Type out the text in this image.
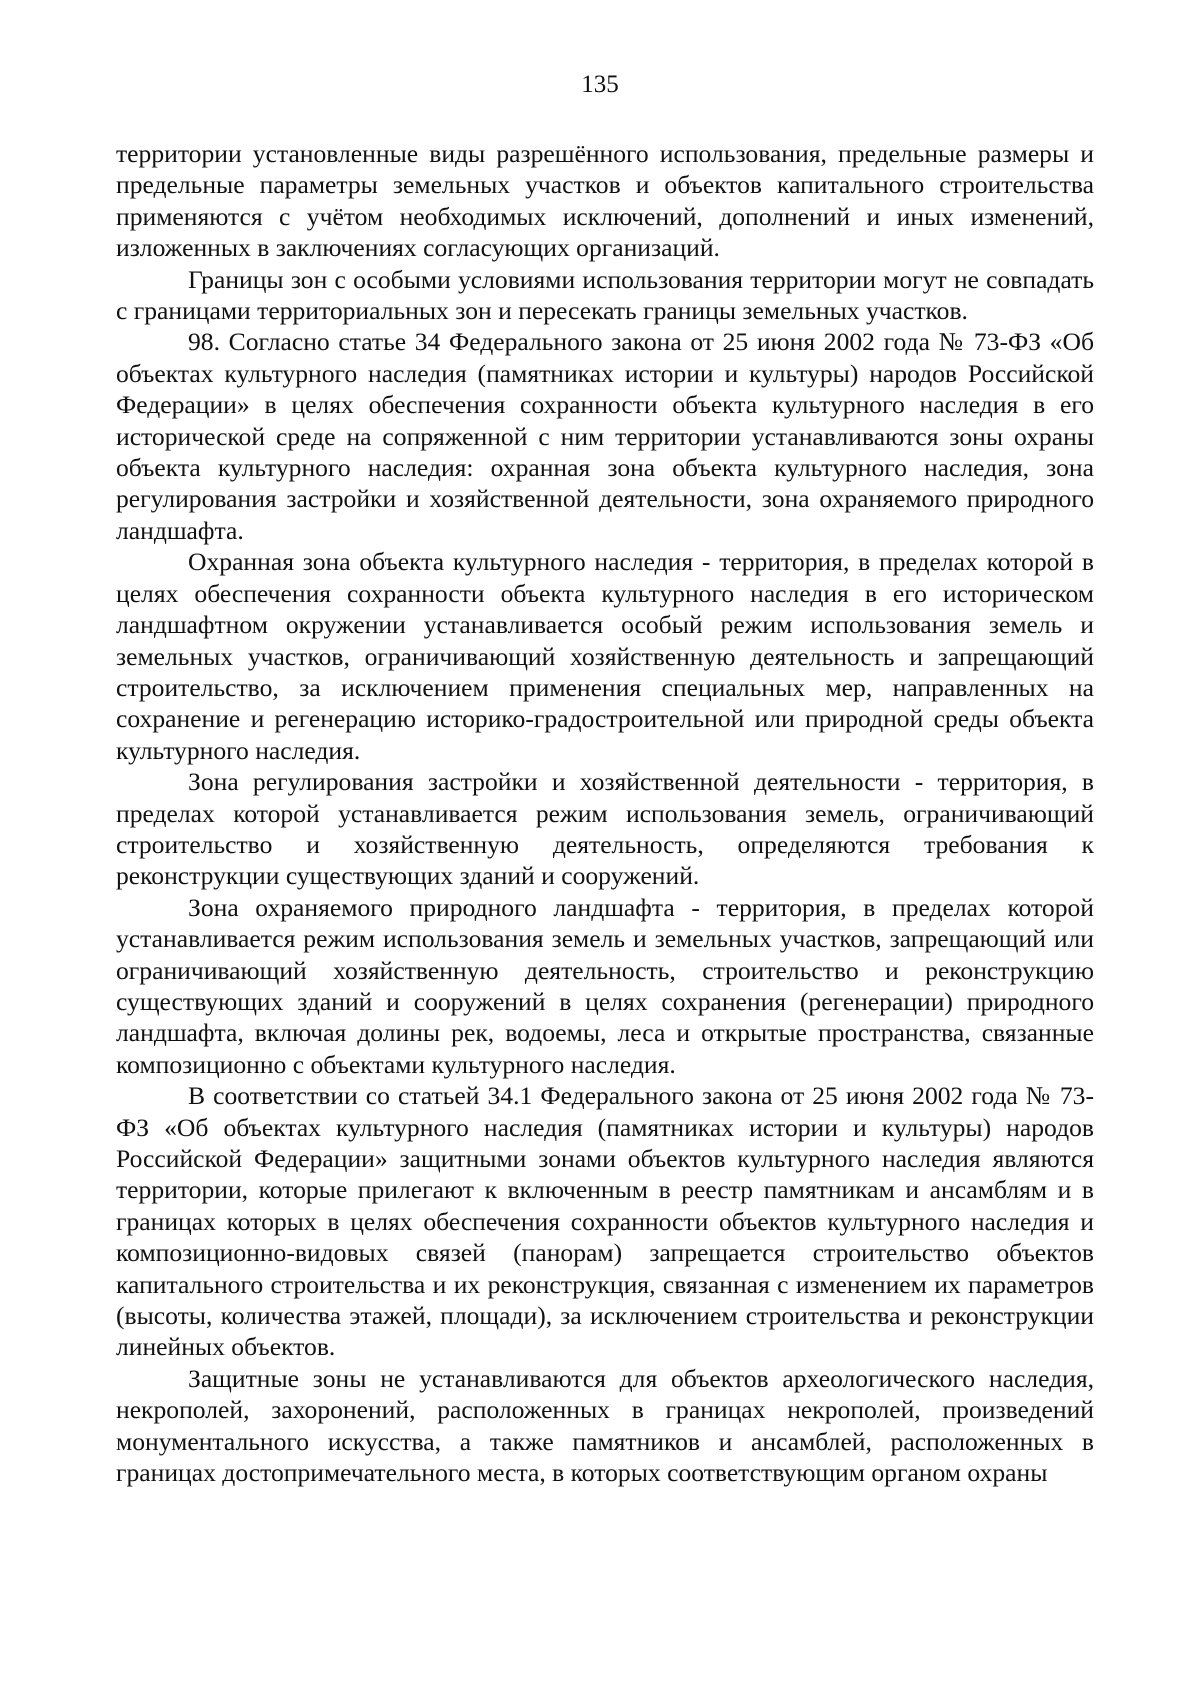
135

территории установленные виды разрешённого использования, предельные размеры и предельные параметры земельных участков и объектов капитального строительства применяются с учётом необходимых исключений, дополнений и иных изменений, изложенных в заключениях согласующих организаций.

Границы зон с особыми условиями использования территории могут не совпадать с границами территориальных зон и пересекать границы земельных участков.

98. Согласно статье 34 Федерального закона от 25 июня 2002 года № 73-ФЗ «Об объектах культурного наследия (памятниках истории и культуры) народов Российской Федерации» в целях обеспечения сохранности объекта культурного наследия в его исторической среде на сопряженной с ним территории устанавливаются зоны охраны объекта культурного наследия: охранная зона объекта культурного наследия, зона регулирования застройки и хозяйственной деятельности, зона охраняемого природного ландшафта.

Охранная зона объекта культурного наследия - территория, в пределах которой в целях обеспечения сохранности объекта культурного наследия в его историческом ландшафтном окружении устанавливается особый режим использования земель и земельных участков, ограничивающий хозяйственную деятельность и запрещающий строительство, за исключением применения специальных мер, направленных на сохранение и регенерацию историко-градостроительной или природной среды объекта культурного наследия.

Зона регулирования застройки и хозяйственной деятельности - территория, в пределах которой устанавливается режим использования земель, ограничивающий строительство и хозяйственную деятельность, определяются требования к реконструкции существующих зданий и сооружений.

Зона охраняемого природного ландшафта - территория, в пределах которой устанавливается режим использования земель и земельных участков, запрещающий или ограничивающий хозяйственную деятельность, строительство и реконструкцию существующих зданий и сооружений в целях сохранения (регенерации) природного ландшафта, включая долины рек, водоемы, леса и открытые пространства, связанные композиционно с объектами культурного наследия.

В соответствии со статьей 34.1 Федерального закона от 25 июня 2002 года № 73-ФЗ «Об объектах культурного наследия (памятниках истории и культуры) народов Российской Федерации» защитными зонами объектов культурного наследия являются территории, которые прилегают к включенным в реестр памятникам и ансамблям и в границах которых в целях обеспечения сохранности объектов культурного наследия и композиционно-видовых связей (панорам) запрещается строительство объектов капитального строительства и их реконструкция, связанная с изменением их параметров (высоты, количества этажей, площади), за исключением строительства и реконструкции линейных объектов.

Защитные зоны не устанавливаются для объектов археологического наследия, некрополей, захоронений, расположенных в границах некрополей, произведений монументального искусства, а также памятников и ансамблей, расположенных в границах достопримечательного места, в которых соответствующим органом охраны
